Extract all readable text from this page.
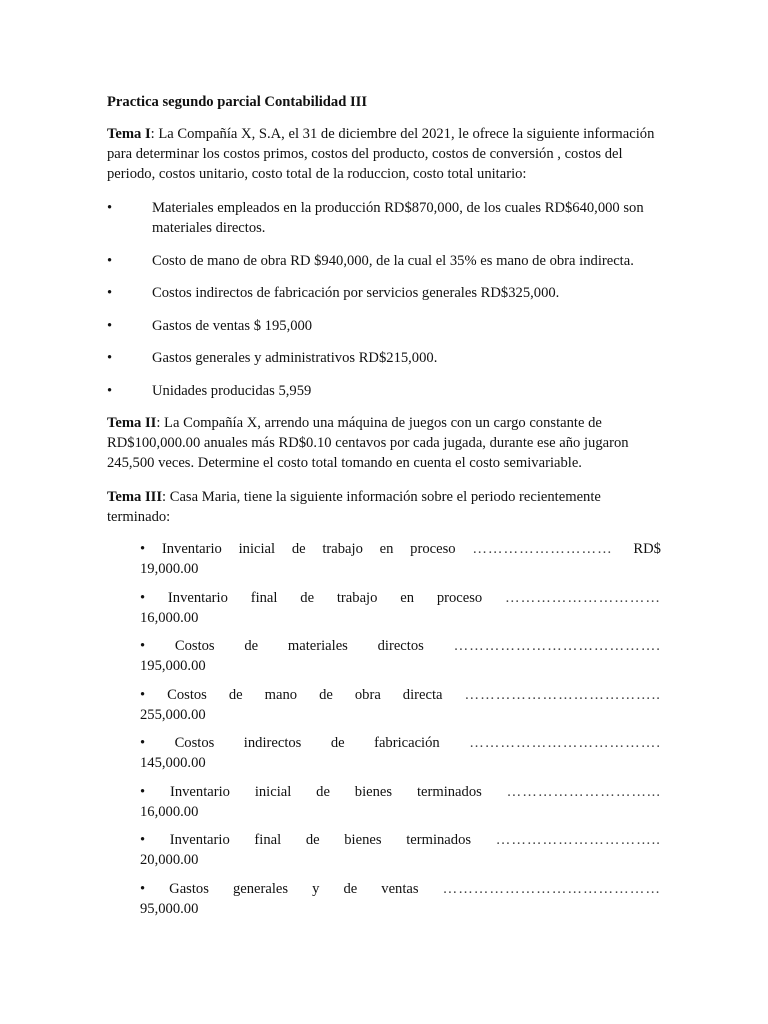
Practica segundo parcial Contabilidad III

Tema I: La Compañía X, S.A, el 31 de diciembre del 2021, le ofrece la siguiente información para determinar los costos primos, costos del producto, costos de conversión , costos del periodo, costos unitario, costo total de la roduccion, costo total unitario:

•	Materiales empleados en la producción RD$870,000, de los cuales RD$640,000 son materiales directos.
•	Costo de mano de obra RD $940,000, de la cual el 35% es mano de obra indirecta.
•	Costos indirectos de fabricación por servicios generales RD$325,000.
•	Gastos de ventas $ 195,000
•	Gastos generales y administrativos RD$215,000.
•	Unidades producidas 5,959

Tema II: La Compañía X, arrendo una máquina de juegos con un cargo constante de RD$100,000.00 anuales más RD$0.10 centavos por cada jugada, durante ese año jugaron 245,500 veces. Determine el costo total tomando en cuenta el costo semivariable.

Tema III: Casa Maria, tiene la siguiente información sobre el periodo recientemente terminado:

• Inventario inicial de trabajo en proceso ……………………… RD$
19,000.00
• Inventario final de trabajo en proceso …………………………
16,000.00
• Costos de materiales directos ………………………………….
195,000.00
• Costos de mano de obra directa ………………………………..
255,000.00
• Costos indirectos de fabricación ……………………………….
145,000.00
• Inventario inicial de bienes terminados ………………………...
16,000.00
• Inventario final de bienes terminados …………………………..
20,000.00
• Gastos generales y de ventas ……………………………………
95,000.00
